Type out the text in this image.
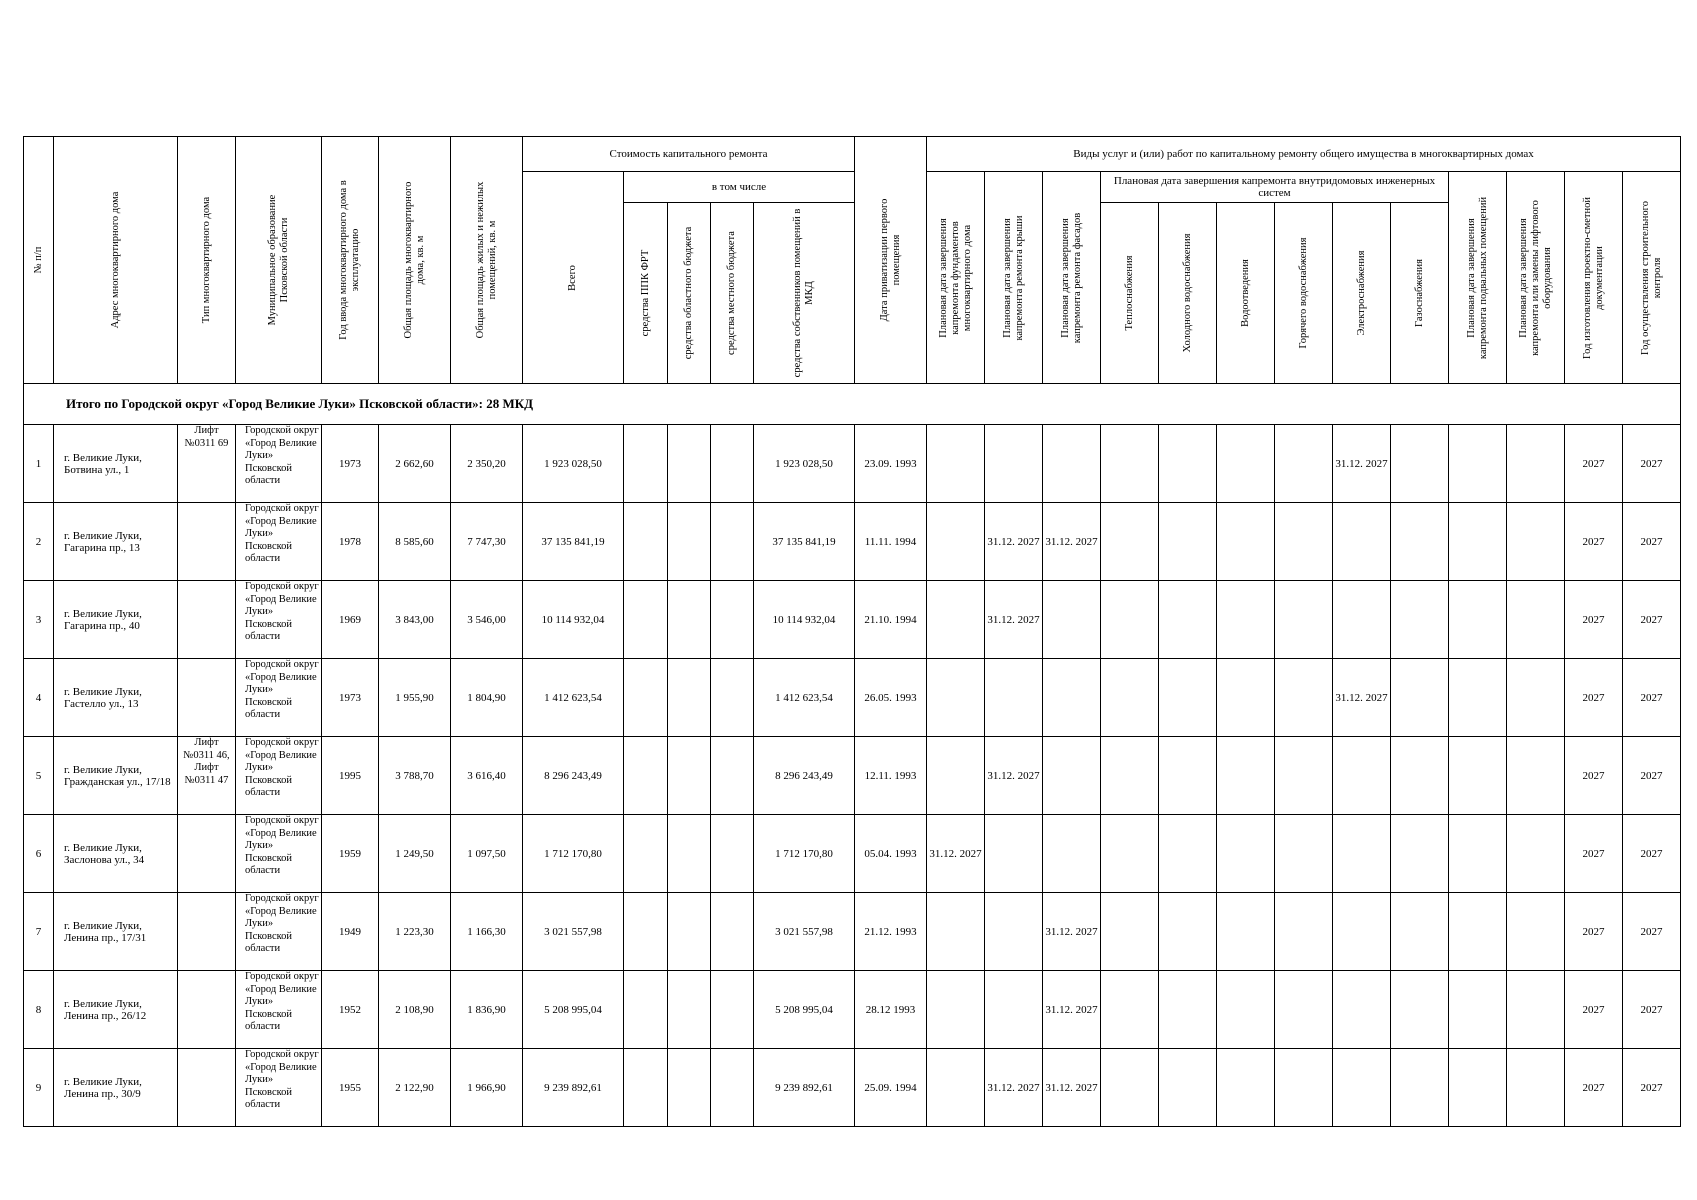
№ п/п	Адрес многоквартирного дома	Тип многоквартирного дома	Муниципальное образование Псковской области	Год ввода многоквартирного дома в эксплуатацию	Общая площадь многоквартирного дома, кв. м	Общая площадь жилых и нежилых помещений, кв. м	Стоимость капитального ремонта					Дата приватизации первого помещения	Виды услуг и (или) работ по капитальному ремонту общего имущества в многоквартирных домах												

							Всего	в том числе					Плановая дата завершения капремонта фундаментов многоквартирного дома	Плановая дата завершения капремонта ремонта крыши	Плановая дата завершения капремонта ремонта фасадов	Плановая дата завершения капремонта внутридомовых инженерных систем						Плановая дата завершения капремонта подвальных помещений	Плановая дата завершения капремонта или замены лифтового оборудования	Год изготовления проектно-сметной документации	Год осуществления строительного контроля

								средства ППК ФРТ	средства областного бюджета	средства местного бюджета	средства собственников помещений в МКД					Теплоснабжения	Холодного водоснабжения	Водоотведения	Горячего водоснабжения	Электроснабжения	Газоснабжения				

Итого по Городской округ «Город Великие Луки» Псковской области»: 28 МКД																									
1	г. Великие Луки, Ботвина ул., 1	Лифт №0311 69	Городской округ «Город Великие Луки» Псковской области	1973	2 662,60	2 350,20	1 923 028,50				1 923 028,50	23.09. 1993								31.12. 2027				2027	2027
2	г. Великие Луки, Гагарина пр., 13		Городской округ «Город Великие Луки» Псковской области	1978	8 585,60	7 747,30	37 135 841,19				37 135 841,19	11.11. 1994		31.12. 2027	31.12. 2027									2027	2027
3	г. Великие Луки, Гагарина пр., 40		Городской округ «Город Великие Луки» Псковской области	1969	3 843,00	3 546,00	10 114 932,04				10 114 932,04	21.10. 1994		31.12. 2027										2027	2027
4	г. Великие Луки, Гастелло ул., 13		Городской округ «Город Великие Луки» Псковской области	1973	1 955,90	1 804,90	1 412 623,54				1 412 623,54	26.05. 1993								31.12. 2027				2027	2027
5	г. Великие Луки, Гражданская ул., 17/18	Лифт №0311 46, Лифт №0311 47	Городской округ «Город Великие Луки» Псковской области	1995	3 788,70	3 616,40	8 296 243,49				8 296 243,49	12.11. 1993		31.12. 2027										2027	2027
6	г. Великие Луки, Заслонова ул., 34		Городской округ «Город Великие Луки» Псковской области	1959	1 249,50	1 097,50	1 712 170,80				1 712 170,80	05.04. 1993	31.12. 2027											2027	2027
7	г. Великие Луки, Ленина пр., 17/31		Городской округ «Город Великие Луки» Псковской области	1949	1 223,30	1 166,30	3 021 557,98				3 021 557,98	21.12. 1993			31.12. 2027									2027	2027
8	г. Великие Луки, Ленина пр., 26/12		Городской округ «Город Великие Луки» Псковской области	1952	2 108,90	1 836,90	5 208 995,04				5 208 995,04	28.12 1993			31.12. 2027									2027	2027
9	г. Великие Луки, Ленина пр., 30/9		Городской округ «Город Великие Луки» Псковской области	1955	2 122,90	1 966,90	9 239 892,61				9 239 892,61	25.09. 1994		31.12. 2027	31.12. 2027									2027	2027
